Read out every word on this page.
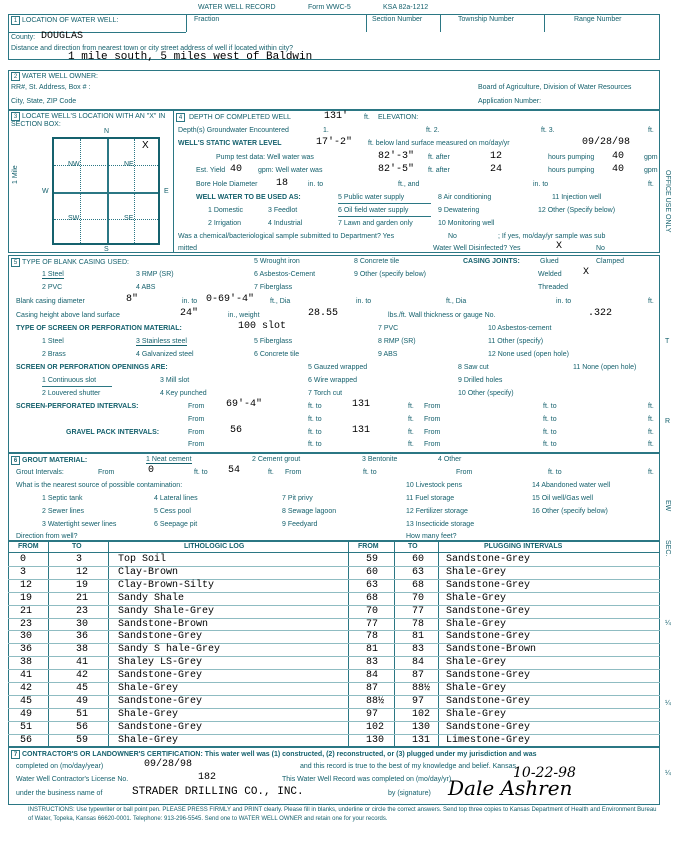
WATER WELL RECORD	Form WWC-5	KSA 82a-1212
1 LOCATION OF WATER WELL:	Fraction	Section Number	Township Number	Range Number
County: DOUGLAS
Distance and direction from nearest town or city street address of well if located within city?
1 mile south, 5 miles west of Baldwin
2 WATER WELL OWNER:
RR#, St. Address, Box # :	Board of Agriculture, Division of Water Resources
City, State, ZIP Code	Application Number:
3 LOCATE WELL'S LOCATION WITH AN "X" IN SECTION BOX:
NW	NE
SW	SE
X
N
S
W	E
1 Mile
4 DEPTH OF COMPLETED WELL	131' ft. ELEVATION:
Depth(s) Groundwater Encountered	1.	ft. 2.	ft. 3.	ft.
WELL'S STATIC WATER LEVEL	17'-2" ft. below land surface measured on mo/day/yr	09/28/98
Pump test data: Well water was	82'-3" ft. after	12	hours pumping 40	gpm
Est. Yield 40 gpm: Well water was	82'-5" ft. after	24	hours pumping 40	gpm
Bore Hole Diameter 18	in. to	ft., and	in. to	ft.
WELL WATER TO BE USED AS:	5 Public water supply	8 Air conditioning	11 Injection well
1 Domestic	3 Feedlot	6 Oil field water supply	9 Dewatering	12 Other (Specify below)
2 Irrigation	4 Industrial	7 Lawn and garden only	10 Monitoring well
Was a chemical/bacteriological sample submitted to Department? Yes	No	; If yes, mo/day/yr sample was sub
mitted	Water Well Disinfected? Yes	X	No
5 TYPE OF BLANK CASING USED:	5 Wrought iron	8 Concrete tile	CASING JOINTS:	Glued	Clamped
1 Steel	3 RMP (SR)	6 Asbestos-Cement	9 Other (specify below)	Welded X
2 PVC	4 ABS	7 Fiberglass	Threaded
Blank casing diameter	8"	in. to 0-69'-4" ft., Dia	in. to	ft., Dia	in. to	ft.
Casing height above land surface	24"	in., weight	28.55	lbs./ft. Wall thickness or gauge No.	.322
TYPE OF SCREEN OR PERFORATION MATERIAL:	100 slot	7 PVC	10 Asbestos-cement
1 Steel	3 Stainless steel	5 Fiberglass	8 RMP (SR)	11 Other (specify)
2 Brass	4 Galvanized steel	6 Concrete tile	9 ABS	12 None used (open hole)
SCREEN OR PERFORATION OPENINGS ARE:	5 Gauzed wrapped	8 Saw cut	11 None (open hole)
1 Continuous slot	3 Mill slot	6 Wire wrapped	9 Drilled holes
2 Louvered shutter	4 Key punched	7 Torch cut	10 Other (specify)
SCREEN-PERFORATED INTERVALS:	From 69'-4"	ft. to	131	ft. From	ft. to	ft.
From	ft. to	ft. From	ft. to	ft.
GRAVEL PACK INTERVALS:	From	56	ft. to	131	ft. From	ft. to	ft.
From	ft. to	ft. From	ft. to	ft.
6 GROUT MATERIAL:	1 Neat cement	2 Cement grout	3 Bentonite	4 Other
Grout Intervals:	From	0	ft. to 54	ft. From	ft. to	From	ft. to	ft.
What is the nearest source of possible contamination:	10 Livestock pens	14 Abandoned water well
1 Septic tank	4 Lateral lines	7 Pit privy	11 Fuel storage	15 Oil well/Gas well
2 Sewer lines	5 Cess pool	8 Sewage lagoon	12 Fertilizer storage	16 Other (specify below)
3 Watertight sewer lines	6 Seepage pit	9 Feedyard	13 Insecticide storage
Direction from well?	How many feet?
FROM	TO	LITHOLOGIC LOG	FROM	TO	PLUGGING INTERVALS
0	3	Top Soil	59	60 Sandstone-Grey
3	12	Clay-Brown	60	63 Shale-Grey
12	19	Clay-Brown-Silty	63	68 Sandstone-Grey
19	21	Sandy Shale	68	70 Shale-Grey
21	23	Sandy Shale-Grey	70	77 Sandstone-Grey
23	30	Sandstone-Brown	77	78 Shale-Grey
30	36	Sandstone-Grey	78	81 Sandstone-Grey
36	38	Sandy S hale-Grey	81	83 Sandstone-Brown
38	41	Shaley LS-Grey	83	84 Shale-Grey
41	42	Sandstone-Grey	84	87 Sandstone-Grey
42	45	Shale-Grey	87	88½ Shale-Grey
45	49	Sandstone-Grey	88½	97 Sandstone-Grey
49	51	Shale-Grey	97	102 Shale-Grey
51	56	Sandstone-Grey	102	130 Sandstone-Grey
56	59	Shale-Grey	130	131 Limestone-Grey
7 CONTRACTOR'S OR LANDOWNER'S CERTIFICATION: This water well was (1) constructed, (2) reconstructed, or (3) plugged under my jurisdiction and was
completed on (mo/day/year)	09/28/98	and this record is true to the best of my knowledge and belief. Kansas
Water Well Contractor's License No.	182	This Water Well Record was completed on (mo/day/yr)	10-22-98
under the business name of	STRADER DRILLING CO., INC.	by (signature) Dale Ashren
INSTRUCTIONS: Use typewriter or ball point pen. PLEASE PRESS FIRMLY and PRINT clearly. Please fill in blanks, underline or circle the correct answers. Send top three copies to Kansas Department of Health and Environment Bureau of Water, Topeka, Kansas 66620-0001. Telephone: 913-296-5545. Send one to WATER WELL OWNER and retain one for your records.
OFFICE USE ONLY
T
R
EW
SEC.
¼
¼
¼
